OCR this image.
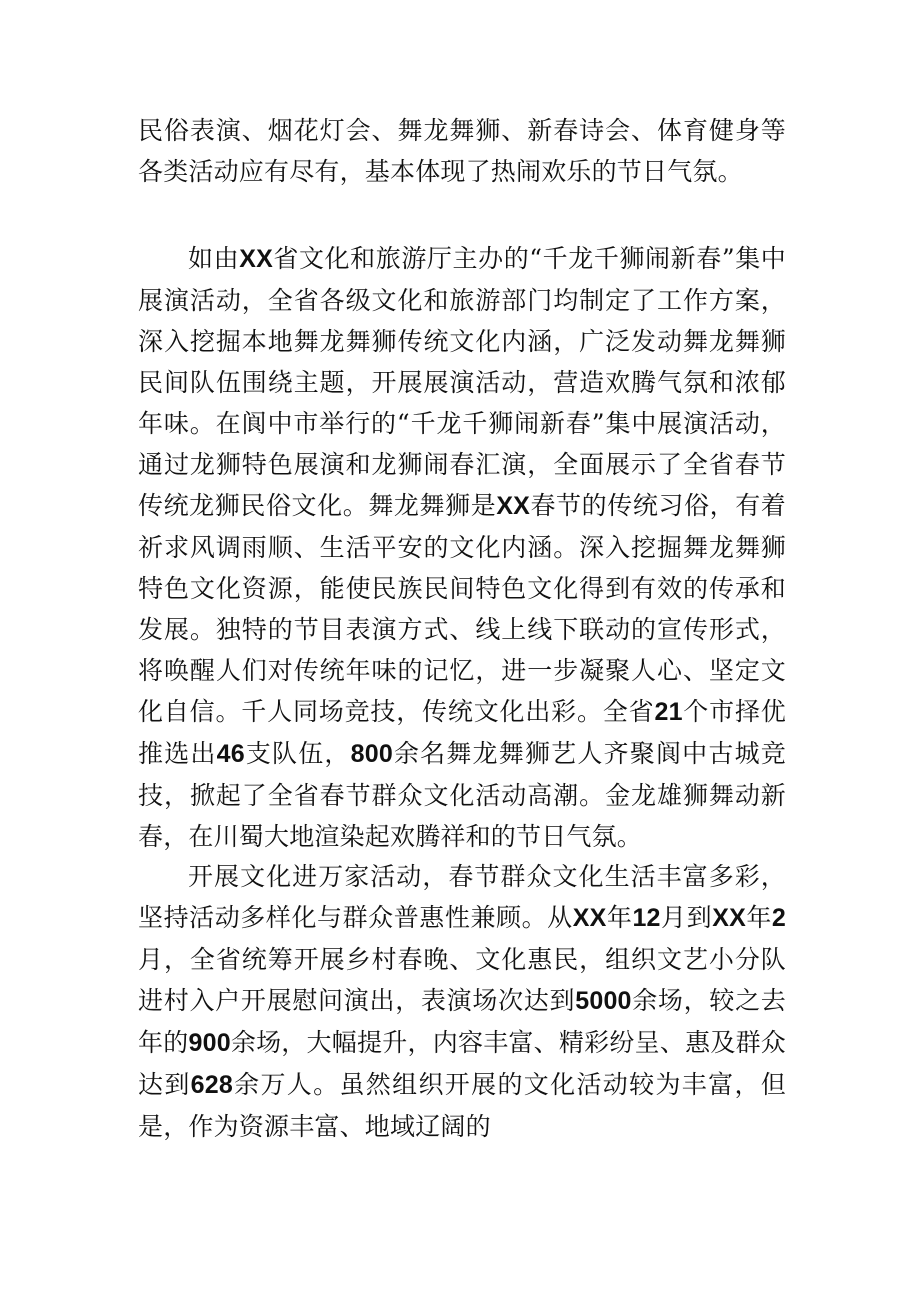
民俗表演、烟花灯会、舞龙舞狮、新春诗会、体育健身等各类活动应有尽有，基本体现了热闹欢乐的节日气氛。

如由XX省文化和旅游厅主办的“千龙千狮闹新春”集中展演活动，全省各级文化和旅游部门均制定了工作方案，深入挖掘本地舞龙舞狮传统文化内涵，广泛发动舞龙舞狮民间队伍围绕主题，开展展演活动，营造欢腾气氛和浓郁年味。在阆中市举行的“千龙千狮闹新春”集中展演活动，通过龙狮特色展演和龙狮闹春汇演，全面展示了全省春节传统龙狮民俗文化。舞龙舞狮是XX春节的传统习俗，有着祈求风调雨顺、生活平安的文化内涵。深入挖掘舞龙舞狮特色文化资源，能使民族民间特色文化得到有效的传承和发展。独特的节目表演方式、线上线下联动的宣传形式，将唤醒人们对传统年味的记忆，进一步凝聚人心、坚定文化自信。千人同场竞技，传统文化出彩。全省21个市择优推选出46支队伍，800余名舞龙舞狮艺人齐聚阆中古城竞技，掀起了全省春节群众文化活动高潮。金龙雄狮舞动新春，在川蜀大地渲染起欢腾祥和的节日气氛。

开展文化进万家活动，春节群众文化生活丰富多彩，坚持活动多样化与群众普惠性兼顾。从XX年12月到XX年2月，全省统筹开展乡村春晚、文化惠民，组织文艺小分队进村入户开展慰问演出，表演场次达到5000余场，较之去年的900余场，大幅提升，内容丰富、精彩纷呈、惠及群众达到628余万人。虽然组织开展的文化活动较为丰富，但是，作为资源丰富、地域辽阔的
